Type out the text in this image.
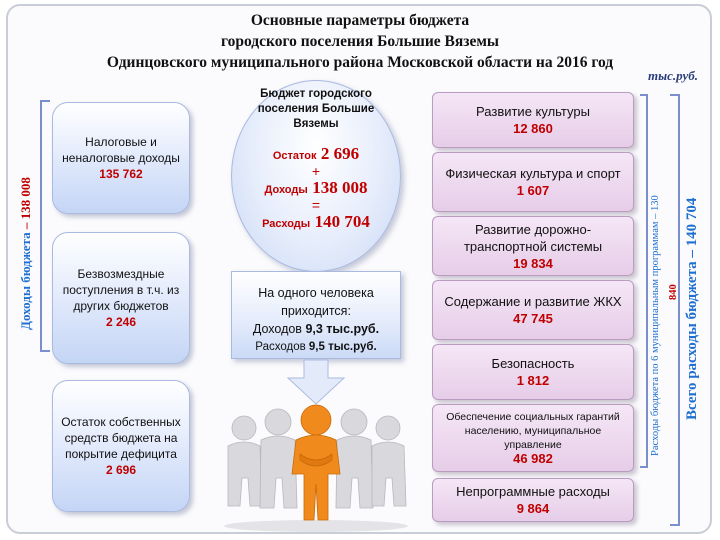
Основные параметры бюджета
городского поселения Большие Вяземы
Одинцовского муниципального района Московской области на 2016 год
тыс.руб.
Доходы бюджета – 138 008
Налоговые и неналоговые доходы
135 762
Безвозмездные поступления в т.ч. из других бюджетов
2 246
Остаток собственных средств бюджета на покрытие дефицита
2 696
Бюджет городского поселения Большие Вяземы
Остаток 2 696
+
Доходы 138 008
=
Расходы 140 704
На одного человека
приходится:
Доходов 9,3 тыс.руб.
Расходов 9,5 тыс.руб.
Развитие культуры
12 860
Физическая культура и спорт
1 607
Развитие дорожно-транспортной системы
19 834
Содержание и развитие ЖКХ
47 745
Безопасность
1 812
Обеспечение социальных гарантий населению, муниципальное управление
46 982
Непрограммные расходы
9 864
Расходы бюджета по 6 муниципальным программам – 130 840 Всего расходы бюджета – 140 704
